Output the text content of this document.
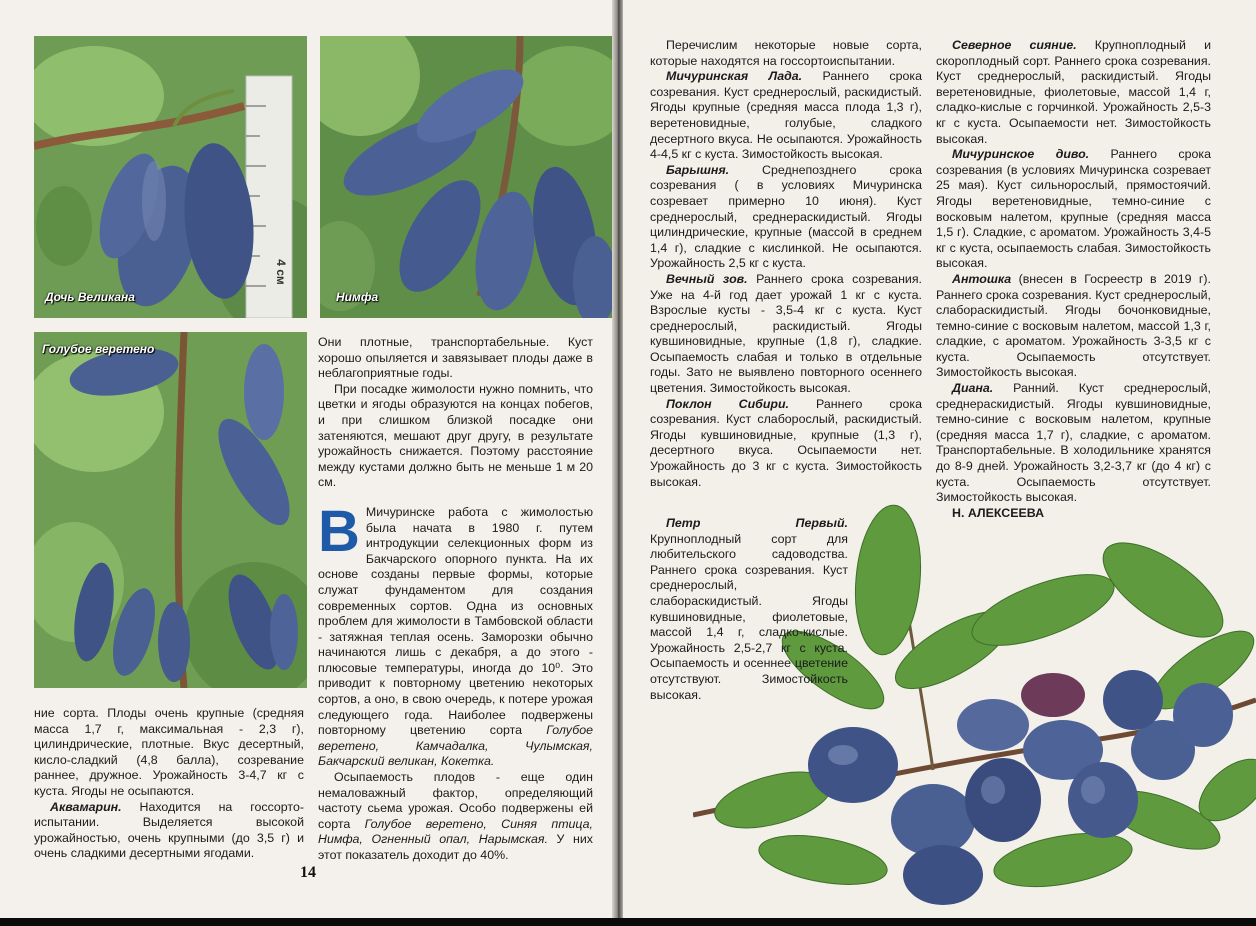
Дочь Великана
4 см
Нимфа
Голубое веретено

ние сорта. Плоды очень крупные (средняя масса 1,7 г, максимальная - 2,3 г), цилиндрические, плотные. Вкус десертный, кисло-сладкий (4,8 балла), созревание раннее, дружное. Урожайность 3-4,7 кг с куста. Ягоды не осыпаются.

Аквамарин. Находится на госсортоиспытании. Выделяется высокой урожайностью, очень крупными (до 3,5 г) и очень сладкими десертными ягодами.

Они плотные, транспортабельные. Куст хорошо опыляется и завязывает плоды даже в неблагоприятные годы.

При посадке жимолости нужно помнить, что цветки и ягоды образуются на концах побегов, и при слишком близкой посадке они затеняются, мешают друг другу, в результате урожайность снижается. Поэтому расстояние между кустами должно быть не меньше 1 м 20 см.

В Мичуринске работа с жимолостью была начата в 1980 г. путем интродукции селекционных форм из Бакчарского опорного пункта. На их основе созданы первые формы, которые служат фундаментом для создания современных сортов. Одна из основных проблем для жимолости в Тамбовской области - затяжная теплая осень. Заморозки обычно начинаются лишь с декабря, а до этого - плюсовые температуры, иногда до 10⁰. Это приводит к повторному цветению некоторых сортов, а оно, в свою очередь, к потере урожая следующего года. Наиболее подвержены повторному цветению сорта Голубое веретено, Камчадалка, Чулымская, Бакчарский великан, Кокетка.

Осыпаемость плодов - еще один немаловажный фактор, определяющий частоту сьема урожая. Особо подвержены ей сорта Голубое веретено, Синяя птица, Нимфа, Огненный опал, Нарымская. У них этот показатель доходит до 40%.

14

Перечислим некоторые новые сорта, которые находятся на госсортоиспытании.

Мичуринская Лада. Раннего срока созревания. Куст среднерослый, раскидистый. Ягоды крупные (средняя масса плода 1,3 г), веретеновидные, голубые, сладкого десертного вкуса. Не осыпаются. Урожайность 4-4,5 кг с куста. Зимостойкость высокая.

Барышня. Среднепозднего срока созревания ( в условиях Мичуринска созревает примерно 10 июня). Куст среднерослый, среднераскидистый. Ягоды цилиндрические, крупные (массой в среднем 1,4 г), сладкие с кислинкой. Не осыпаются. Урожайность 2,5 кг с куста.

Вечный зов. Раннего срока созревания. Уже на 4-й год дает урожай 1 кг с куста. Взрослые кусты - 3,5-4 кг с куста. Куст среднерослый, раскидистый. Ягоды кувшиновидные, крупные (1,8 г), сладкие. Осыпаемость слабая и только в отдельные годы. Зато не выявлено повторного осеннего цветения. Зимостойкость высокая.

Поклон Сибири. Раннего срока созревания. Куст слаборослый, раскидистый. Ягоды кувшиновидные, крупные (1,3 г), десертного вкуса. Осыпаемости нет. Урожайность до 3 кг с куста. Зимостойкость высокая.

Петр Первый. Крупноплодный сорт для любительского садоводства. Раннего срока созревания. Куст среднерослый, слабораскидистый. Ягоды кувшиновидные, фиолетовые, массой 1,4 г, сладко-кислые. Урожайность 2,5-2,7 кг с куста. Осыпаемость и осеннее цветение отсутствуют. Зимостойкость высокая.

Северное сияние. Крупноплодный и скороплодный сорт. Раннего срока созревания. Куст среднерослый, раскидистый. Ягоды веретеновидные, фиолетовые, массой 1,4 г, сладко-кислые с горчинкой. Урожайность 2,5-3 кг с куста. Осыпаемости нет. Зимостойкость высокая.

Мичуринское диво. Раннего срока созревания (в условиях Мичуринска созревает 25 мая). Куст сильнорослый, прямостоячий. Ягоды веретеновидные, темно-синие с восковым налетом, крупные (средняя масса 1,5 г). Сладкие, с ароматом. Урожайность 3,4-5 кг с куста, осыпаемость слабая. Зимостойкость высокая.

Антошка (внесен в Госреестр в 2019 г). Раннего срока созревания. Куст среднерослый, слабораскидистый. Ягоды бочонковидные, темно-синие с восковым налетом, массой 1,3 г, сладкие, с ароматом. Урожайность 3-3,5 кг с куста. Осыпаемость отсутствует. Зимостойкость высокая.

Диана. Ранний. Куст среднерослый, среднераскидистый. Ягоды кувшиновидные, темно-синие с восковым налетом, крупные (средняя масса 1,7 г), сладкие, с ароматом. Транспортабельные. В холодильнике хранятся до 8-9 дней. Урожайность 3,2-3,7 кг (до 4 кг) с куста. Осыпаемость отсутствует. Зимостойкость высокая.

Н. АЛЕКСЕЕВА
